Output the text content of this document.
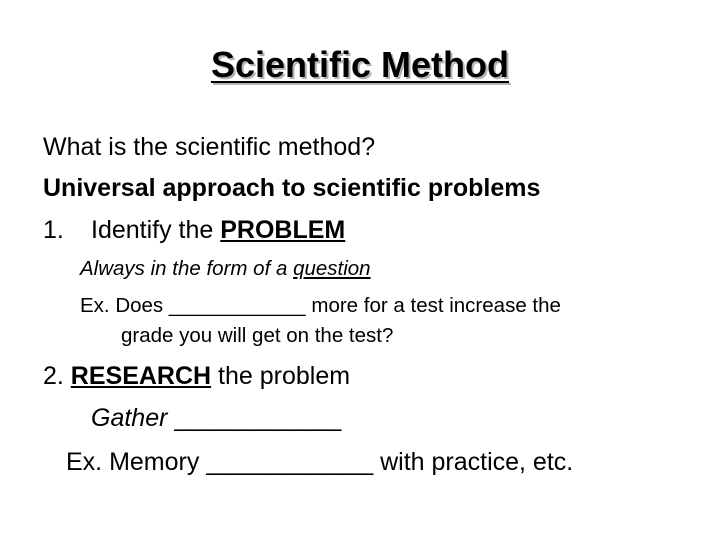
Scientific Method
What is the scientific method?
Universal approach to scientific problems
1. Identify the PROBLEM
Always in the form of a question
Ex. Does ____________ more for a test increase the
grade you will get on the test?
2. RESEARCH the problem
Gather ____________
Ex. Memory ____________ with practice, etc.
